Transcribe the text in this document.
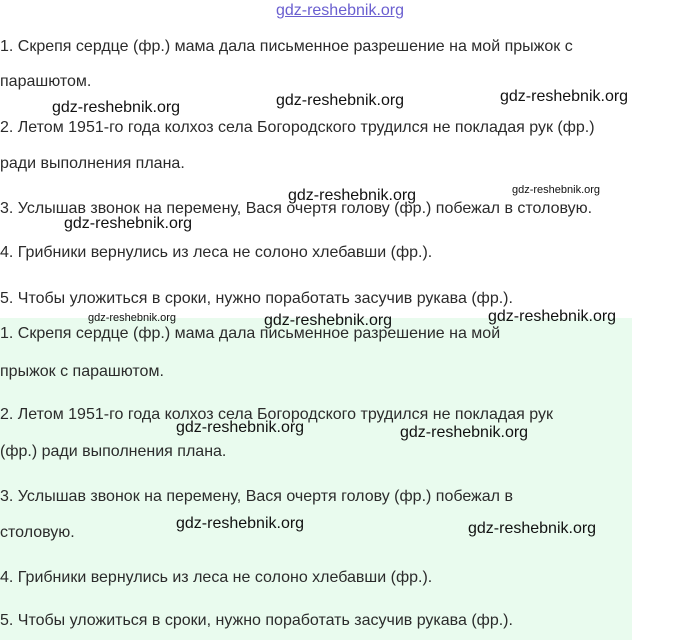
gdz-reshebnik.org
1. Скрепя сердце (фр.) мама дала письменное разрешение на мой прыжок с
парашютом.
2. Летом 1951-го года колхоз села Богородского трудился не покладая рук (фр.)
ради выполнения плана.
3. Услышав звонок на перемену, Вася очертя голову (фр.) побежал в столовую.
4. Грибники вернулись из леса не солоно хлебавши (фр.).
5. Чтобы уложиться в сроки, нужно поработать засучив рукава (фр.).
1. Скрепя сердце (фр.) мама дала письменное разрешение на мой
прыжок с парашютом.
2. Летом 1951-го года колхоз села Богородского трудился не покладая рук
(фр.) ради выполнения плана.
3. Услышав звонок на перемену, Вася очертя голову (фр.) побежал в
столовую.
4. Грибники вернулись из леса не солоно хлебавши (фр.).
5. Чтобы уложиться в сроки, нужно поработать засучив рукава (фр.).
gdz-reshebnik.org	gdz-reshebnik.org	gdz-reshebnik.org
gdz-reshebnik.org	gdz-reshebnik.org
gdz-reshebnik.org
gdz-reshebnik.org	gdz-reshebnik.org	gdz-reshebnik.org
gdz-reshebnik.org	gdz-reshebnik.org
gdz-reshebnik.org	gdz-reshebnik.org
